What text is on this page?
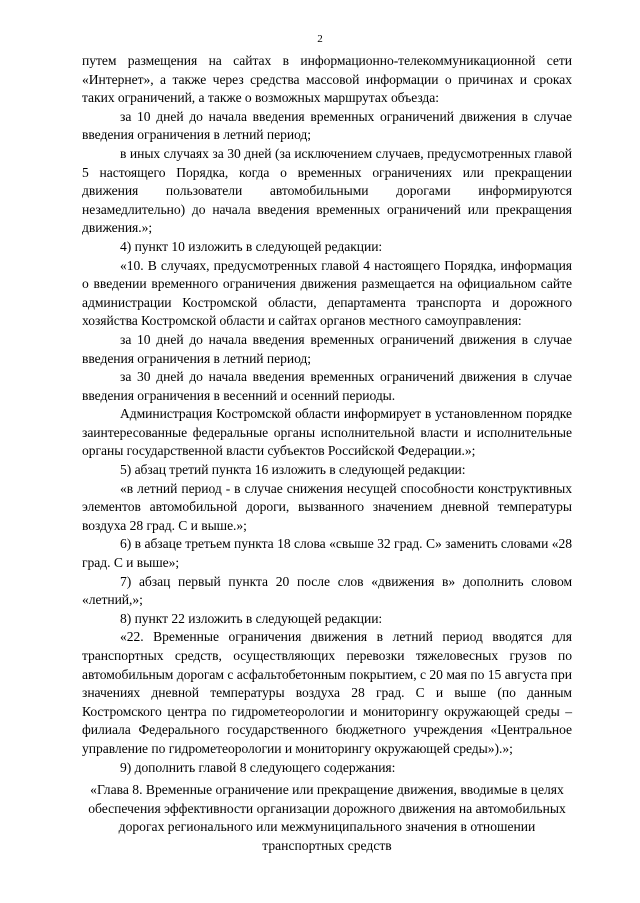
2

путем размещения на сайтах в информационно-телекоммуникационной сети «Интернет», а также через средства массовой информации о причинах и сроках таких ограничений, а также о возможных маршрутах объезда:

за 10 дней до начала введения временных ограничений движения в случае введения ограничения в летний период;

в иных случаях за 30 дней (за исключением случаев, предусмотренных главой 5 настоящего Порядка, когда о временных ограничениях или прекращении движения пользователи автомобильными дорогами информируются незамедлительно) до начала введения временных ограничений или прекращения движения.»;

4) пункт 10 изложить в следующей редакции:

«10. В случаях, предусмотренных главой 4 настоящего Порядка, информация о введении временного ограничения движения размещается на официальном сайте администрации Костромской области, департамента транспорта и дорожного хозяйства Костромской области и сайтах органов местного самоуправления:

за 10 дней до начала введения временных ограничений движения в случае введения ограничения в летний период;

за 30 дней до начала введения временных ограничений движения в случае введения ограничения в весенний и осенний периоды.

Администрация Костромской области информирует в установленном порядке заинтересованные федеральные органы исполнительной власти и исполнительные органы государственной власти субъектов Российской Федерации.»;

5) абзац третий пункта 16 изложить в следующей редакции:

«в летний период - в случае снижения несущей способности конструктивных элементов автомобильной дороги, вызванного значением дневной температуры воздуха 28 град. С и выше.»;

6) в абзаце третьем пункта 18 слова «свыше 32 град. С» заменить словами «28 град. С и выше»;

7) абзац первый пункта 20 после слов «движения в» дополнить словом «летний,»;

8) пункт 22 изложить в следующей редакции:

«22. Временные ограничения движения в летний период вводятся для транспортных средств, осуществляющих перевозки тяжеловесных грузов по автомобильным дорогам с асфальтобетонным покрытием, с 20 мая по 15 августа при значениях дневной температуры воздуха 28 град. С и выше (по данным Костромского центра по гидрометеорологии и мониторингу окружающей среды – филиала Федерального государственного бюджетного учреждения «Центральное управление по гидрометеорологии и мониторингу окружающей среды»).»;

9) дополнить главой 8 следующего содержания:

«Глава 8. Временные ограничение или прекращение движения, вводимые в целях обеспечения эффективности организации дорожного движения на автомобильных дорогах регионального или межмуниципального значения в отношении транспортных средств
